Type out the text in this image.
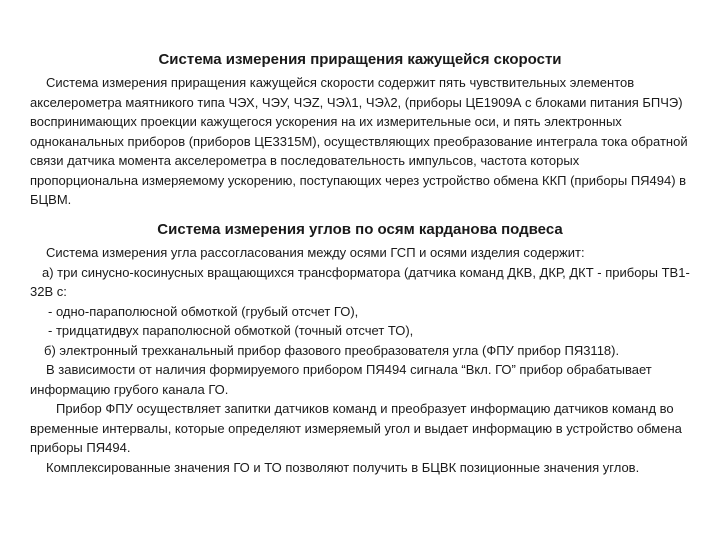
Система измерения приращения кажущейся скорости

Система измерения приращения кажущейся скорости содержит пять чувствительных элементов акселерометра маятникого типа ЧЭХ, ЧЭУ, ЧЭZ, ЧЭλ1, ЧЭλ2, (приборы ЦЕ1909А с блоками питания БПЧЭ) воспринимающих проекции кажущегося ускорения на их измерительные оси, и пять электронных одноканальных приборов (приборов ЦЕ3315М), осуществляющих преобразование интеграла тока обратной связи датчика момента акселерометра в последовательность импульсов, частота которых пропорциональна измеряемому ускорению, поступающих через устройство обмена ККП (приборы ПЯ494) в БЦВМ.

Система измерения углов по осям карданова подвеса

Система измерения угла рассогласования между осями ГСП и осями изделия содержит:

а) три синусно-косинусных вращающихся трансформатора (датчика команд ДКВ, ДКР, ДКТ - приборы ТВ1-32В с:

- одно-параполюсной обмоткой (грубый отсчет ГО),

- тридцатидвух параполюсной обмоткой (точный отсчет ТО),

б) электронный трехканальный прибор фазового преобразователя угла (ФПУ прибор ПЯ3118).

В зависимости от наличия формируемого прибором ПЯ494 сигнала “Вкл. ГО” прибор обрабатывает информацию грубого канала ГО.

Прибор ФПУ осуществляет запитки датчиков команд и преобразует информацию датчиков команд во временные интервалы, которые определяют измеряемый угол и выдает информацию в устройство обмена приборы ПЯ494.

Комплексированные значения ГО и ТО позволяют получить в БЦВК позиционные значения углов.
